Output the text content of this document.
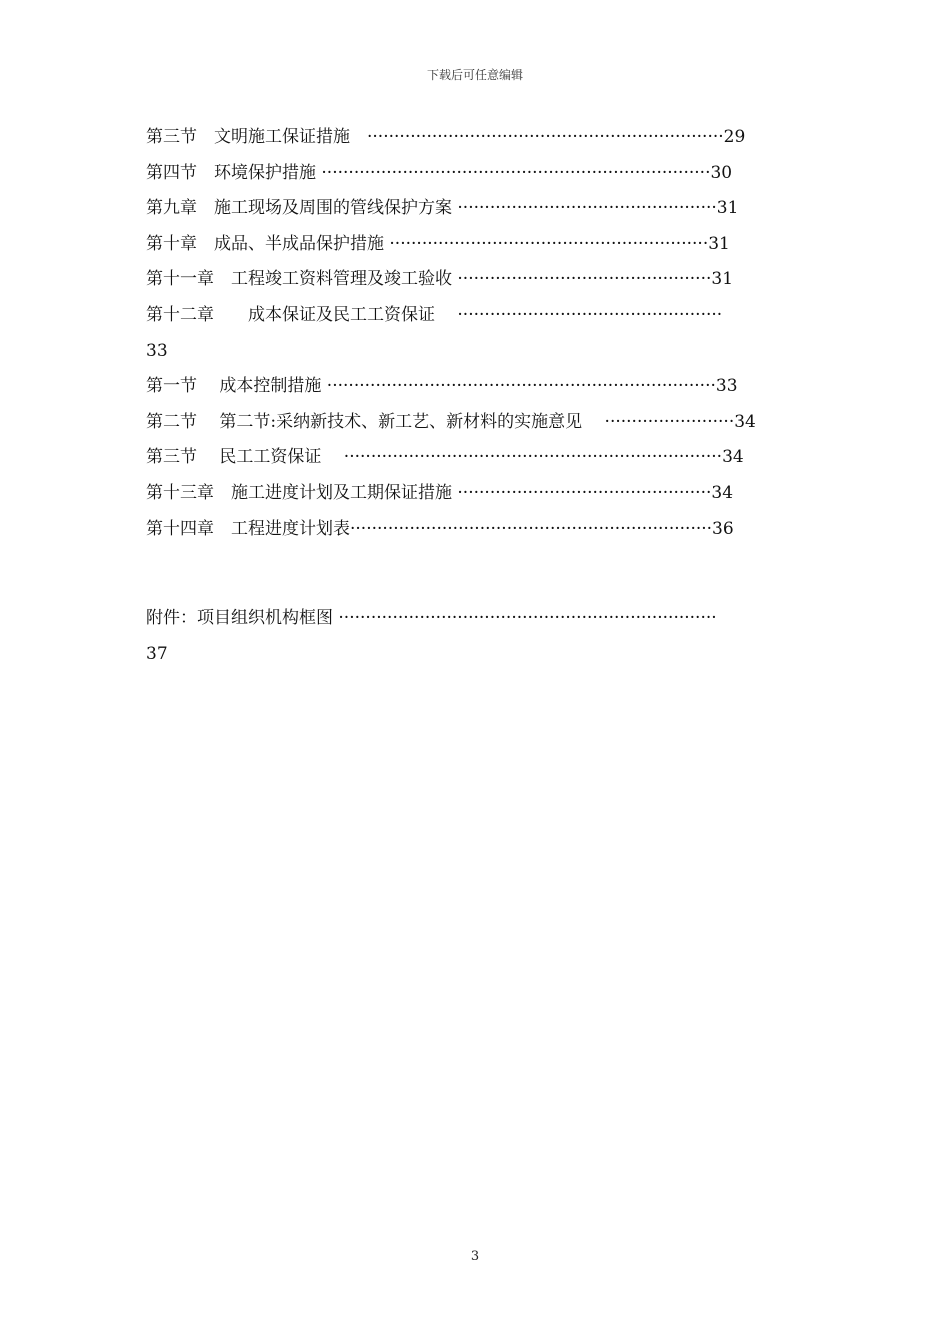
下载后可任意编辑
第三节　文明施工保证措施　··································································29
第四节　环境保护措施 ········································································30
第九章　施工现场及周围的管线保护方案 ················································31
第十章　成品、半成品保护措施 ···························································31
第十一章　工程竣工资料管理及竣工验收 ···············································31
第十二章　　成本保证及民工工资保证　 ·················································
33
第一节　 成本控制措施 ········································································33
第二节　 第二节:采纳新技术、新工艺、新材料的实施意见　 ························34
第三节　 民工工资保证　 ······································································34
第十三章　施工进度计划及工期保证措施 ···············································34
第十四章　工程进度计划表···································································36
附件：项目组织机构框图 ······································································
37
3
